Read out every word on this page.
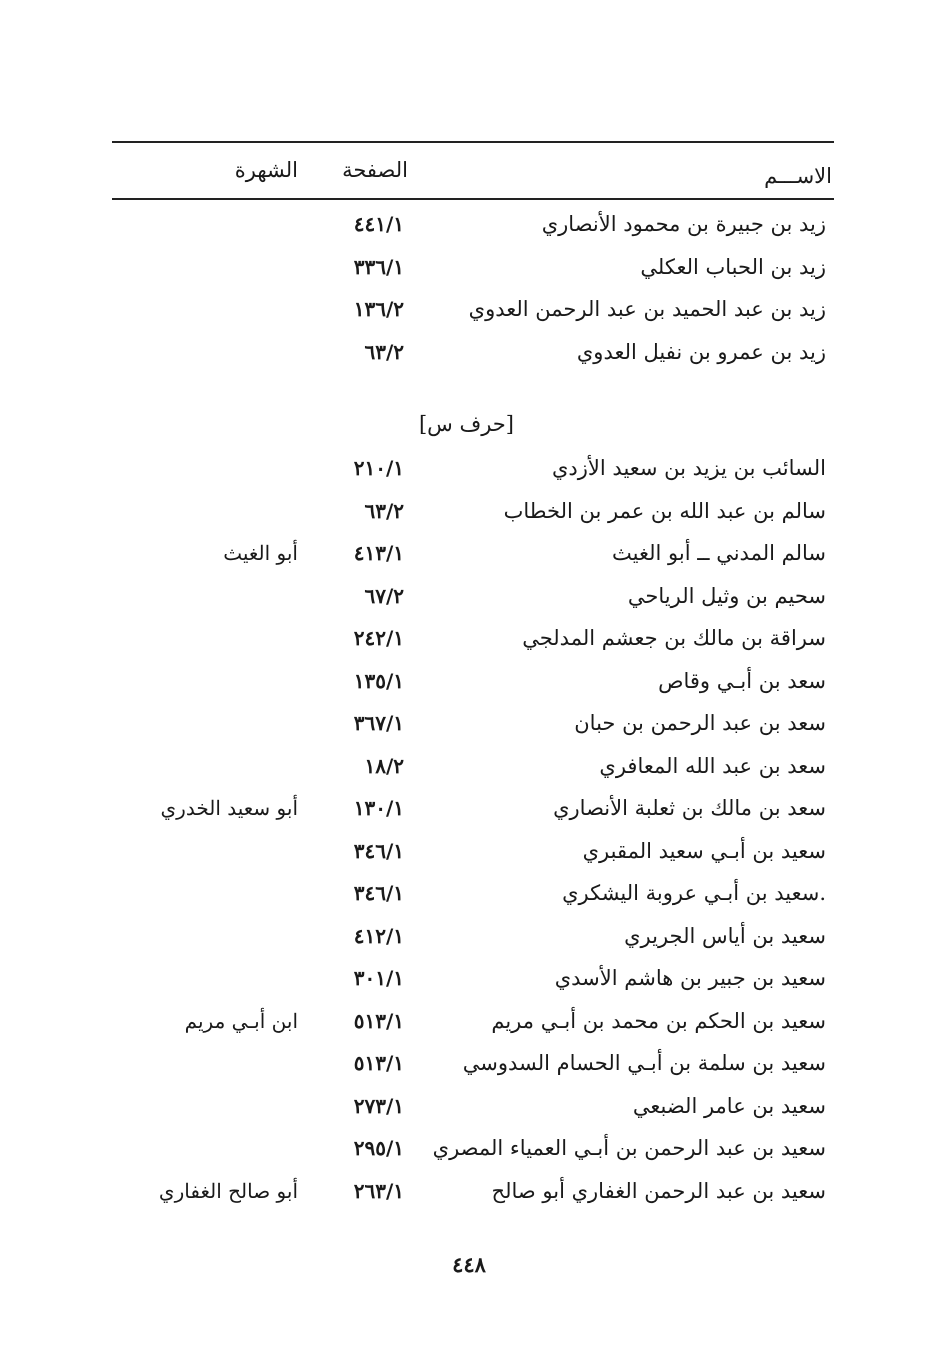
الاســـم
الصفحة
الشهرة
زيد بن جبيرة بن محمود الأنصاري
٤٤١/١
زيد بن الحباب العكلي
٣٣٦/١
زيد بن عبد الحميد بن عبد الرحمن العدوي
١٣٦/٢
زيد بن عمرو بن نفيل العدوي
٦٣/٢
[حرف س]
السائب بن يزيد بن سعيد الأزدي
٢١٠/١
سالم بن عبد الله بن عمر بن الخطاب
٦٣/٢
سالم المدني ــ أبو الغيث
٤١٣/١
أبو الغيث
سحيم بن وثيل الرياحي
٦٧/٢
سراقة بن مالك بن جعشم المدلجي
٢٤٢/١
سعد بن أبـي وقاص
١٣٥/١
سعد بن عبد الرحمن بن حبان
٣٦٧/١
سعد بن عبد الله المعافري
١٨/٢
سعد بن مالك بن ثعلبة الأنصاري
١٣٠/١
أبو سعيد الخدري
سعيد بن أبـي سعيد المقبري
٣٤٦/١
.سعيد بن أبـي عروبة اليشكري
٣٤٦/١
سعيد بن أياس الجريري
٤١٢/١
سعيد بن جبير بن هاشم الأسدي
٣٠١/١
سعيد بن الحكم بن محمد بن أبـي مريم
٥١٣/١
ابن أبـي مريم
سعيد بن سلمة بن أبـي الحسام السدوسي
٥١٣/١
سعيد بن عامر الضبعي
٢٧٣/١
سعيد بن عبد الرحمن بن أبـي العمياء المصري
٢٩٥/١
سعيد بن عبد الرحمن الغفاري أبو صالح
٢٦٣/١
أبو صالح الغفاري
٤٤٨
